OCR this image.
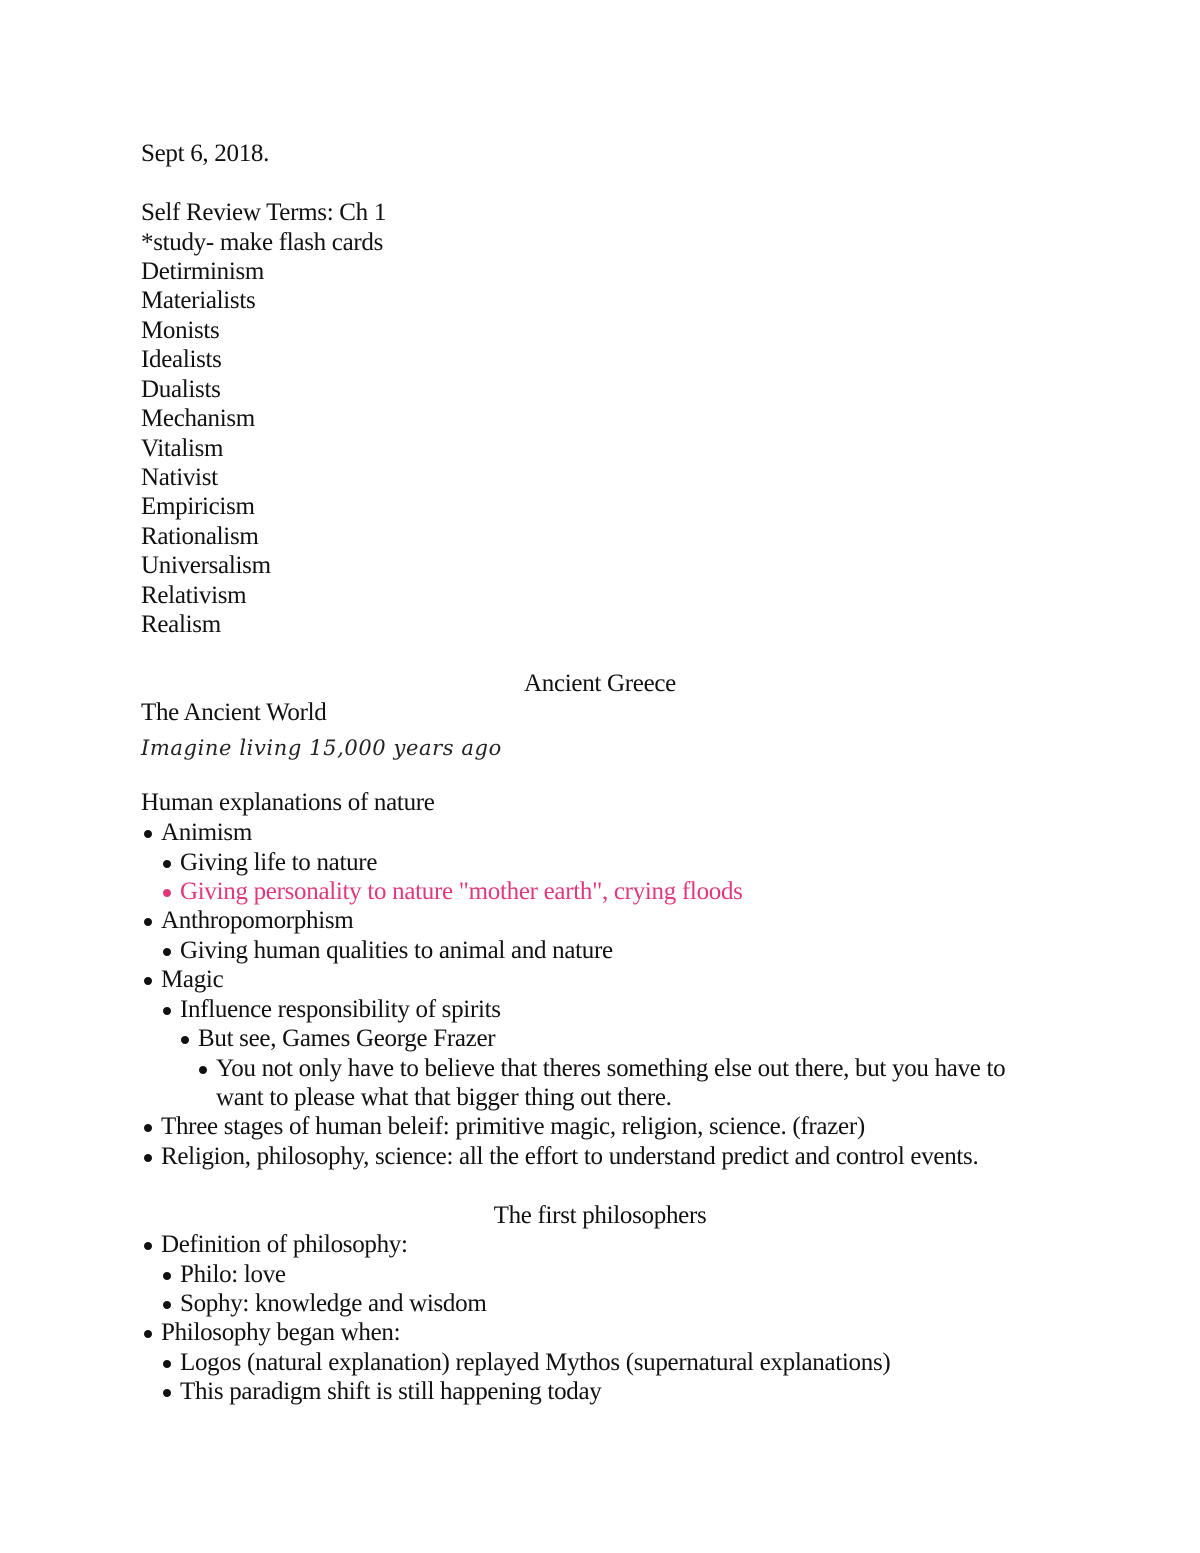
Sept 6, 2018.
Self Review Terms: Ch 1
*study- make flash cards
Detirminism
Materialists
Monists
Idealists
Dualists
Mechanism
Vitalism
Nativist
Empiricism
Rationalism
Universalism
Relativism
Realism
Ancient Greece
The Ancient World
Imagine living 15,000 years ago
Human explanations of nature
Animism
Giving life to nature
Giving personality to nature "mother earth", crying floods
Anthropomorphism
Giving human qualities to animal and nature
Magic
Influence responsibility of spirits
But see, Games George Frazer
You not only have to believe that theres something else out there, but you have to
want to please what that bigger thing out there.
Three stages of human beleif: primitive magic, religion, science. (frazer)
Religion, philosophy, science: all the effort to understand predict and control events.
The first philosophers
Definition of philosophy:
Philo: love
Sophy: knowledge and wisdom
Philosophy began when:
Logos (natural explanation) replayed Mythos (supernatural explanations)
This paradigm shift is still happening today
